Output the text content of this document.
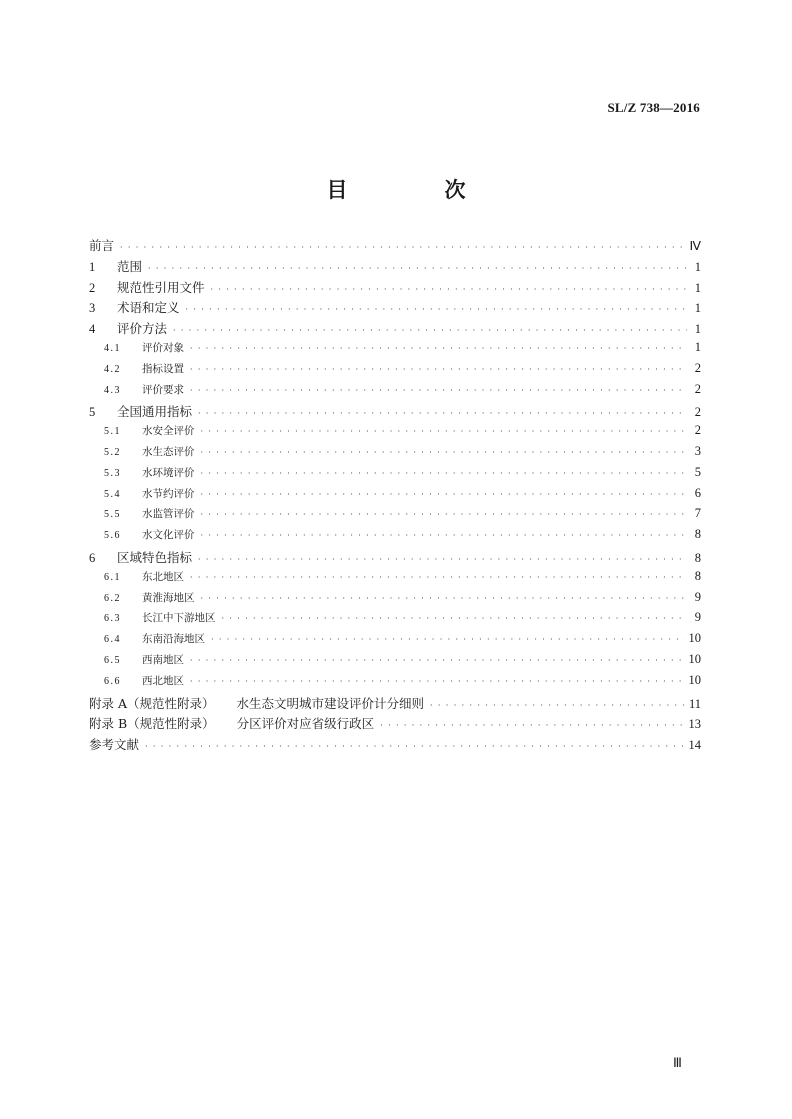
SL/Z 738—2016
目　次
前言 · · ·	Ⅳ
1	范围 · · ·	1
2	规范性引用文件 · · ·	1
3	术语和定义 · · ·	1
4	评价方法 · · ·	1
4.1	评价对象 · · ·	1
4.2	指标设置 · · ·	2
4.3	评价要求 · · ·	2
5	全国通用指标 · · ·	2
5.1	水安全评价 · · ·	2
5.2	水生态评价 · · ·	3
5.3	水环境评价 · · ·	5
5.4	水节约评价 · · ·	6
5.5	水监管评价 · · ·	7
5.6	水文化评价 · · ·	8
6	区域特色指标 · · ·	8
6.1	东北地区 · · ·	8
6.2	黄淮海地区 · · ·	9
6.3	长江中下游地区 · · ·	9
6.4	东南沿海地区 · · ·	10
6.5	西南地区 · · ·	10
6.6	西北地区 · · ·	10
附录 A（规范性附录） 水生态文明城市建设评价计分细则 · · ·	11
附录 B（规范性附录） 分区评价对应省级行政区 · · ·	13
参考文献 · · ·	14
Ⅲ
